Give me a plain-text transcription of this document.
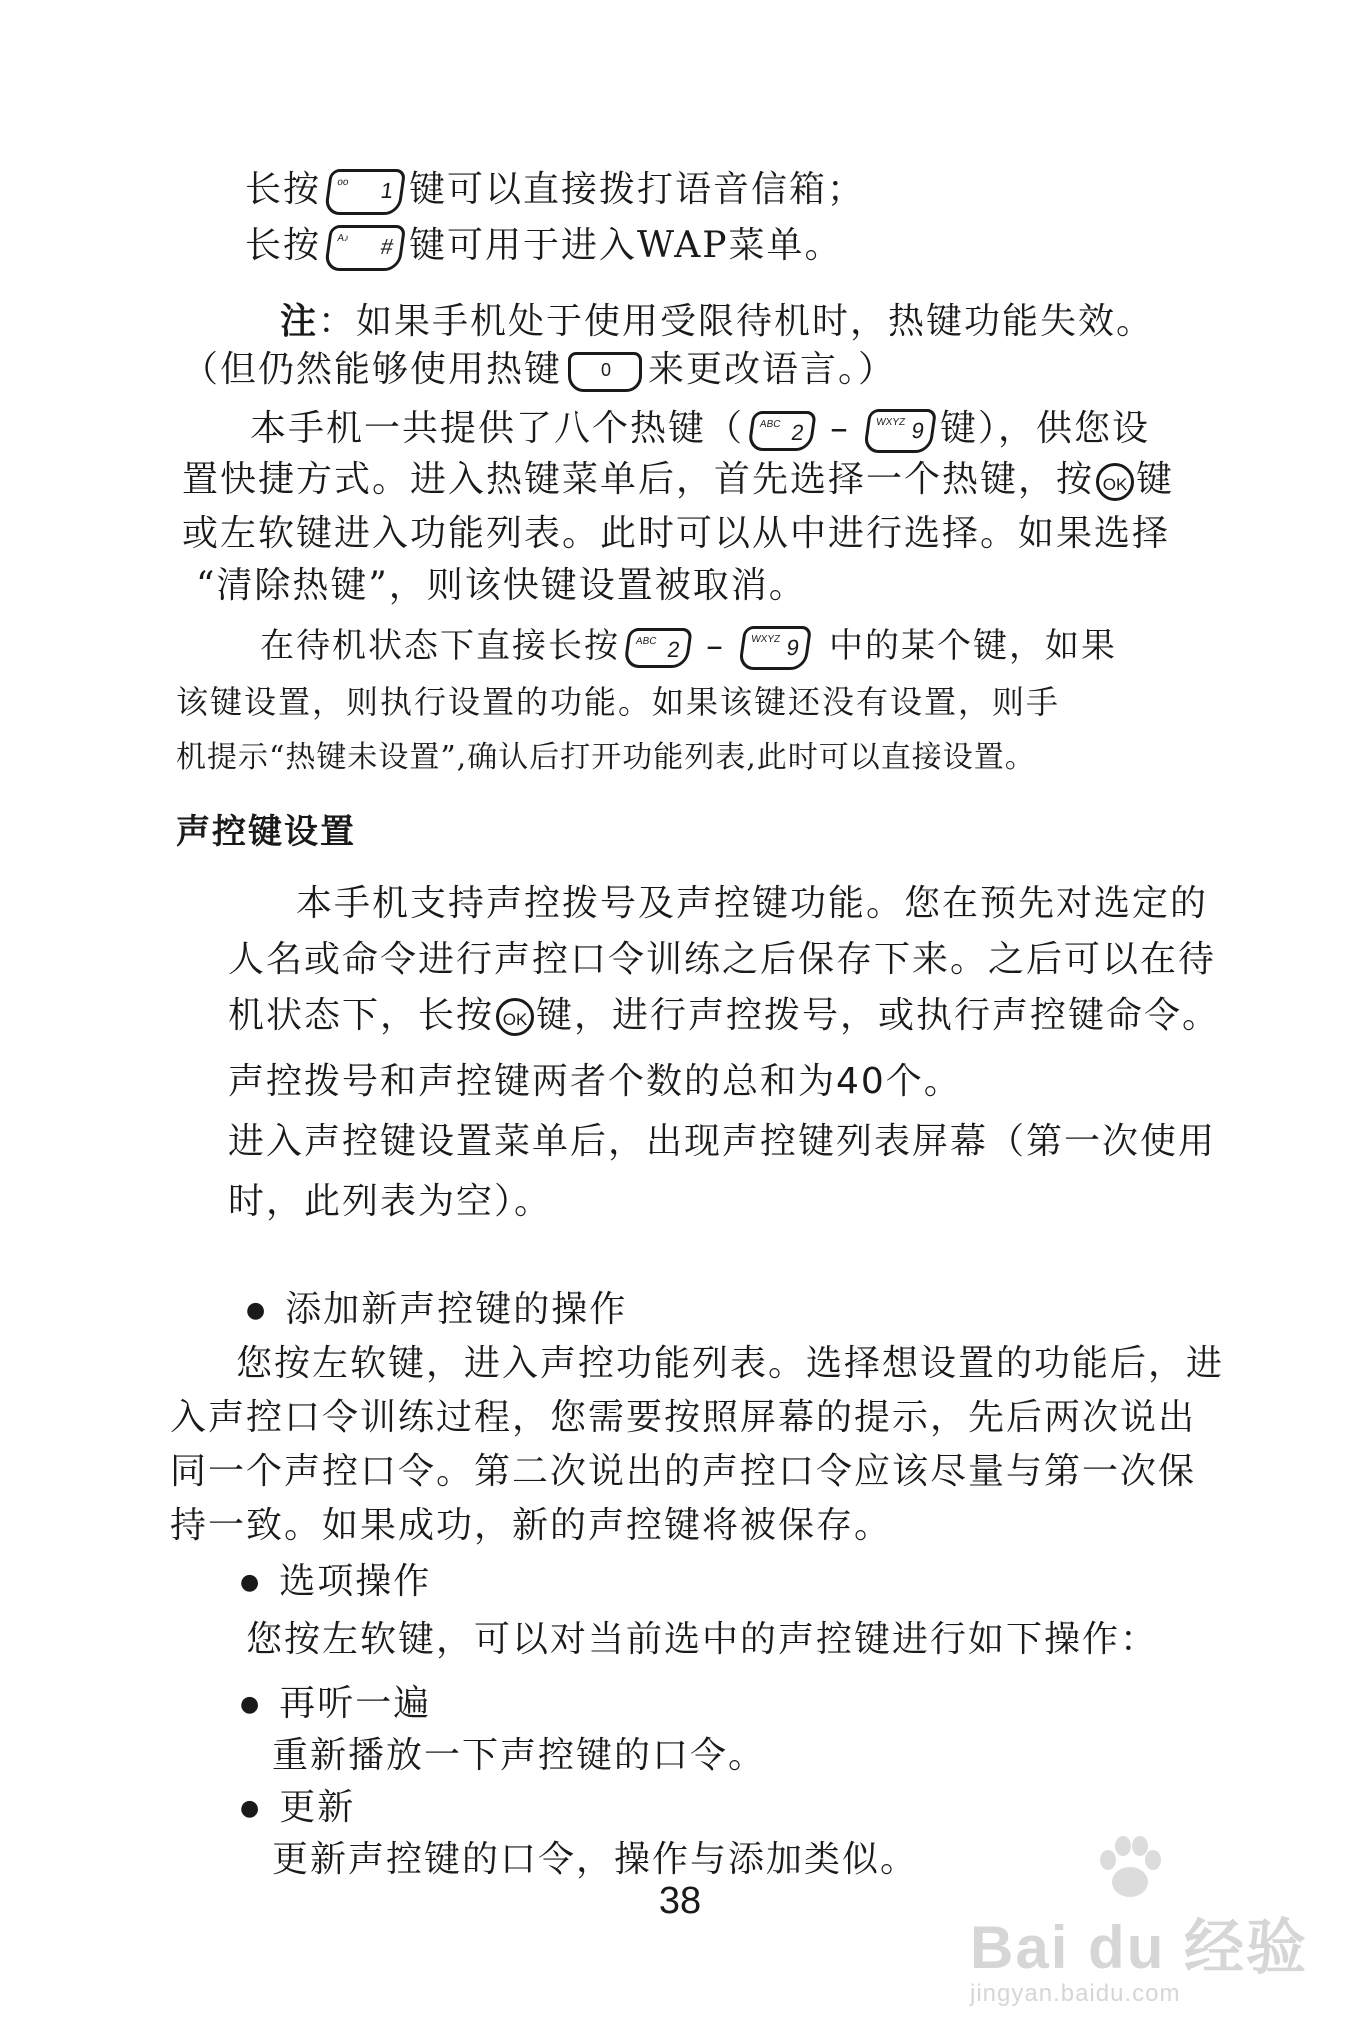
长按 oo 1 键可以直接拨打语音信箱；
长按 A♪ # 键可用于进入WAP菜单。
注：如果手机处于使用受限待机时，热键功能失效。
（但仍然能够使用热键 0 来更改语言。）
本手机一共提供了八个热键（ ABC 2 –	WXYZ 9 键），供您设
置快捷方式。进入热键菜单后，首先选择一个热键，按 OK 键
或左软键进入功能列表。此时可以从中进行选择。如果选择
“清除热键”，则该快键设置被取消。
在待机状态下直接长按 ABC 2 –	WXYZ 9 中的某个键，如果
该键设置，则执行设置的功能。如果该键还没有设置，则手
机提示“热键未设置”,确认后打开功能列表,此时可以直接设置。
声控键设置
本手机支持声控拨号及声控键功能。您在预先对选定的
人名或命令进行声控口令训练之后保存下来。之后可以在待
机状态下，长按 OK 键，进行声控拨号，或执行声控键命令。
声控拨号和声控键两者个数的总和为40个。
进入声控键设置菜单后，出现声控键列表屏幕（第一次使用
时，此列表为空）。
● 添加新声控键的操作
您按左软键，进入声控功能列表。选择想设置的功能后，进
入声控口令训练过程，您需要按照屏幕的提示，先后两次说出
同一个声控口令。第二次说出的声控口令应该尽量与第一次保
持一致。如果成功，新的声控键将被保存。
● 选项操作
您按左软键，可以对当前选中的声控键进行如下操作：
● 再听一遍
重新播放一下声控键的口令。
● 更新
更新声控键的口令，操作与添加类似。
38
Bai du 经验
jingyan.baidu.com
